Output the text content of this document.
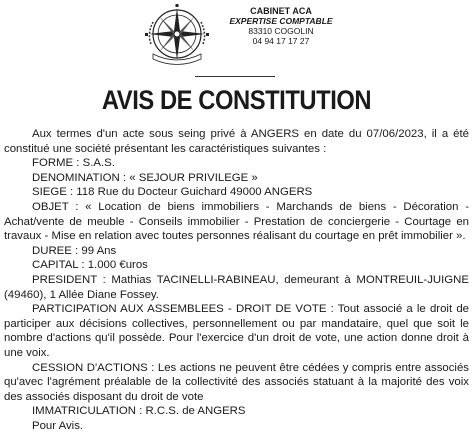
CABINET ACA
EXPERTISE COMPTABLE
83310 COGOLIN
04 94 17 17 27
AVIS DE CONSTITUTION

Aux termes d'un acte sous seing privé à ANGERS en date du 07/06/2023, il a été constitué une société présentant les caractéristiques suivantes :

FORME : S.A.S.

DENOMINATION : « SEJOUR PRIVILEGE »

SIEGE : 118 Rue du Docteur Guichard 49000 ANGERS

OBJET : « Location de biens immobiliers - Marchands de biens - Décoration - Achat/vente de meuble - Conseils immobilier - Prestation de conciergerie - Courtage en travaux - Mise en relation avec toutes personnes réalisant du courtage en prêt immobilier ».

DUREE : 99 Ans

CAPITAL : 1.000 €uros

PRESIDENT : Mathias TACINELLI-RABINEAU, demeurant à MONTREUIL-JUIGNE (49460), 1 Allée Diane Fossey.

PARTICIPATION AUX ASSEMBLEES - DROIT DE VOTE : Tout associé a le droit de participer aux décisions collectives, personnellement ou par mandataire, quel que soit le nombre d'actions qu'il possède. Pour l'exercice d'un droit de vote, une action donne droit à une voix.

CESSION D'ACTIONS : Les actions ne peuvent être cédées y compris entre associés qu'avec l'agrément préalable de la collectivité des associés statuant à la majorité des voix des associés disposant du droit de vote

IMMATRICULATION : R.C.S. de ANGERS

Pour Avis.
